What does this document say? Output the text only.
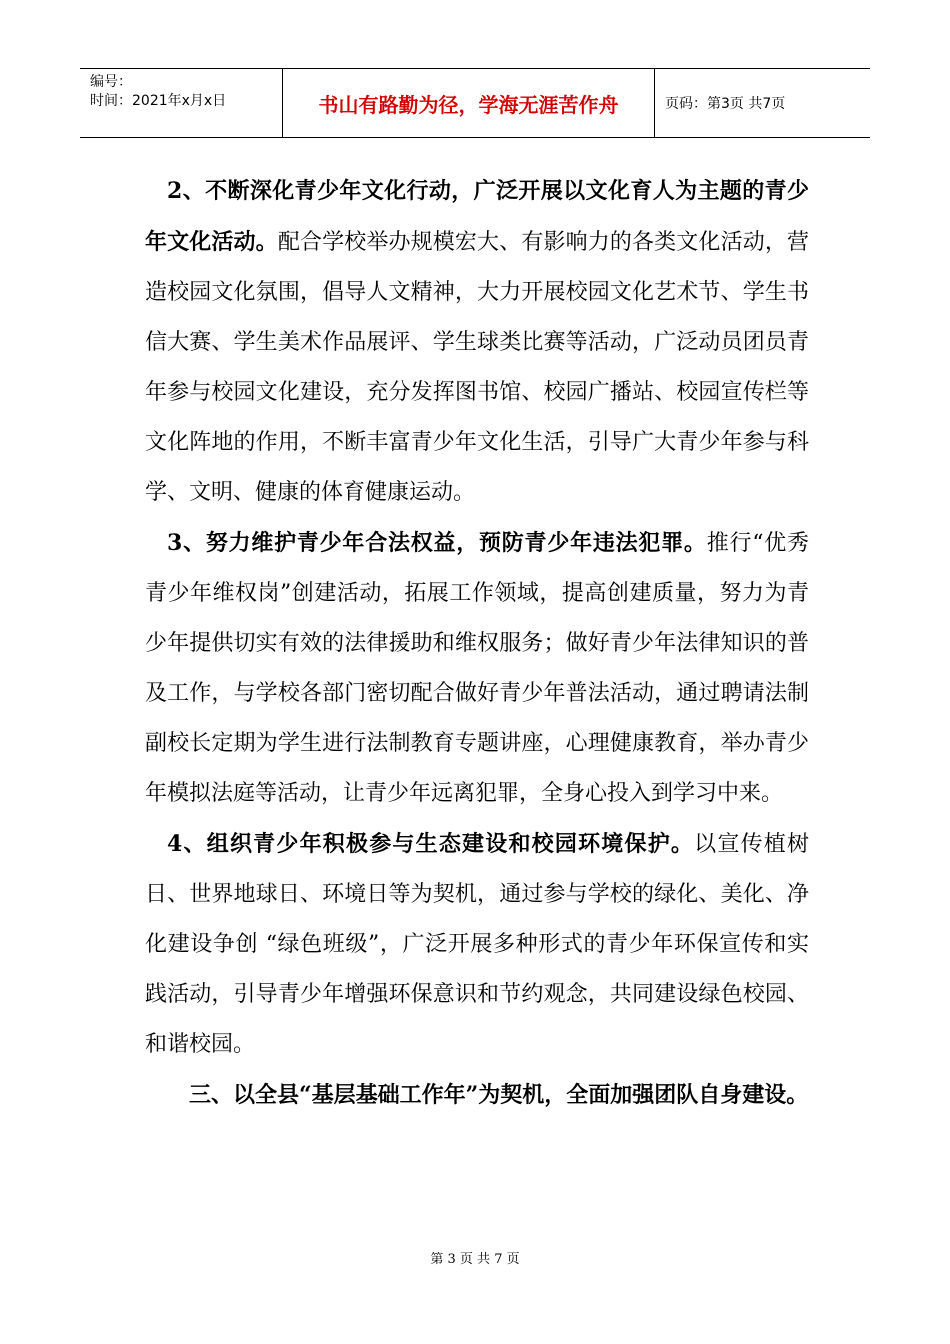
编号：
时间：2021年x月x日	书山有路勤为径，学海无涯苦作舟	页码：第3页 共7页

2、不断深化青少年文化行动，广泛开展以文化育人为主题的青少年文化活动。配合学校举办规模宏大、有影响力的各类文化活动，营造校园文化氛围，倡导人文精神，大力开展校园文化艺术节、学生书信大赛、学生美术作品展评、学生球类比赛等活动，广泛动员团员青年参与校园文化建设，充分发挥图书馆、校园广播站、校园宣传栏等文化阵地的作用，不断丰富青少年文化生活，引导广大青少年参与科学、文明、健康的体育健康运动。

3、努力维护青少年合法权益，预防青少年违法犯罪。推行“优秀青少年维权岗”创建活动，拓展工作领域，提高创建质量，努力为青少年提供切实有效的法律援助和维权服务；做好青少年法律知识的普及工作，与学校各部门密切配合做好青少年普法活动，通过聘请法制副校长定期为学生进行法制教育专题讲座，心理健康教育，举办青少年模拟法庭等活动，让青少年远离犯罪，全身心投入到学习中来。

4、组织青少年积极参与生态建设和校园环境保护。以宣传植树日、世界地球日、环境日等为契机，通过参与学校的绿化、美化、净化建设争创 “绿色班级”，广泛开展多种形式的青少年环保宣传和实践活动，引导青少年增强环保意识和节约观念，共同建设绿色校园、和谐校园。

三、以全县“基层基础工作年”为契机，全面加强团队自身建设。

第 3 页 共 7 页
